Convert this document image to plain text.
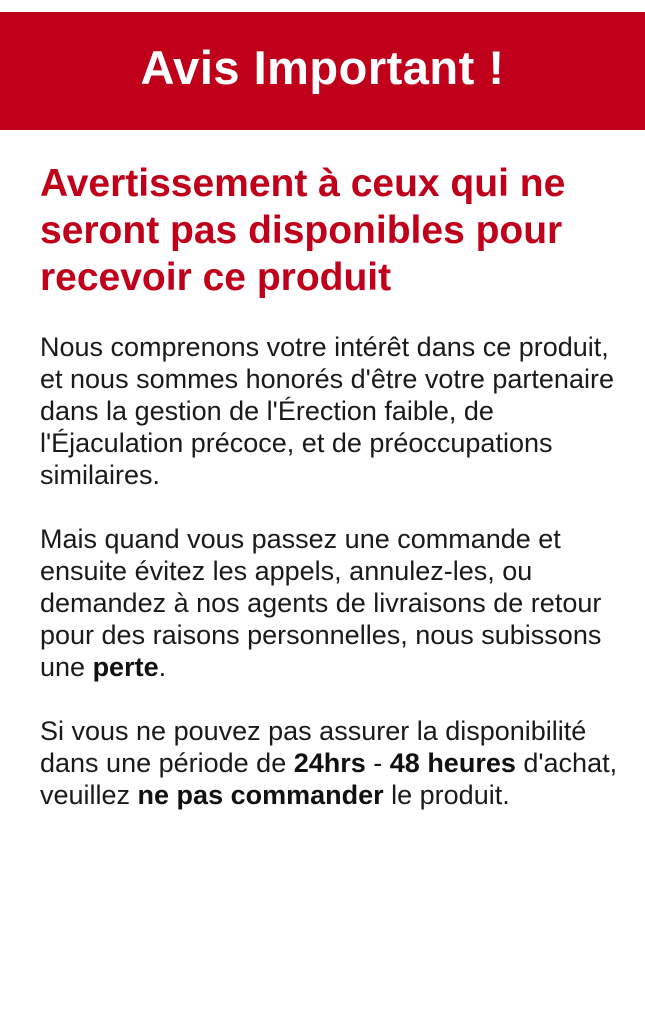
Avis Important !
Avertissement à ceux qui ne seront pas disponibles pour recevoir ce produit

Nous comprenons votre intérêt dans ce produit, et nous sommes honorés d'être votre partenaire dans la gestion de l'Érection faible, de l'Éjaculation précoce, et de préoccupations similaires.

Mais quand vous passez une commande et ensuite évitez les appels, annulez-les, ou demandez à nos agents de livraisons de retour pour des raisons personnelles, nous subissons une perte.

Si vous ne pouvez pas assurer la disponibilité dans une période de 24hrs - 48 heures d'achat, veuillez ne pas commander le produit.
